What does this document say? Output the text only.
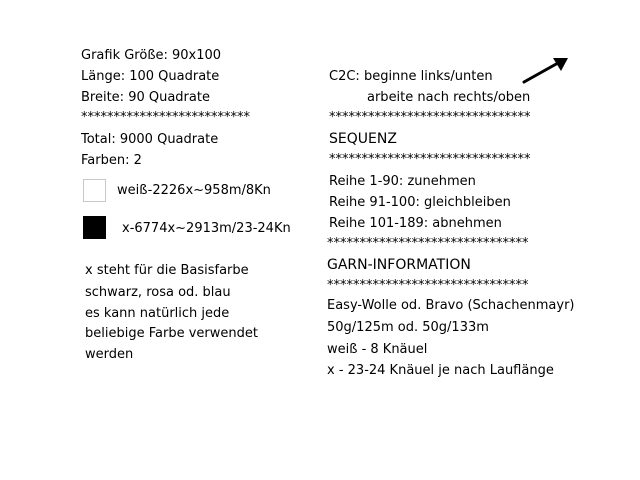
Grafik Größe: 90x100

Länge: 100 Quadrate

Breite: 90 Quadrate

**************************

Total: 9000 Quadrate

Farben: 2

weiß-2226x~958m/8Kn

x-6774x~2913m/23-24Kn

x steht für die Basisfarbe

schwarz, rosa od. blau

es kann natürlich jede

beliebige Farbe verwendet

werden

C2C: beginne links/unten

arbeite nach rechts/oben

*******************************

SEQUENZ

*******************************

Reihe 1-90: zunehmen

Reihe 91-100: gleichbleiben

Reihe 101-189: abnehmen

*******************************

GARN-INFORMATION

*******************************

Easy-Wolle od. Bravo (Schachenmayr)

50g/125m od. 50g/133m

weiß - 8 Knäuel

x - 23-24 Knäuel je nach Lauflänge
